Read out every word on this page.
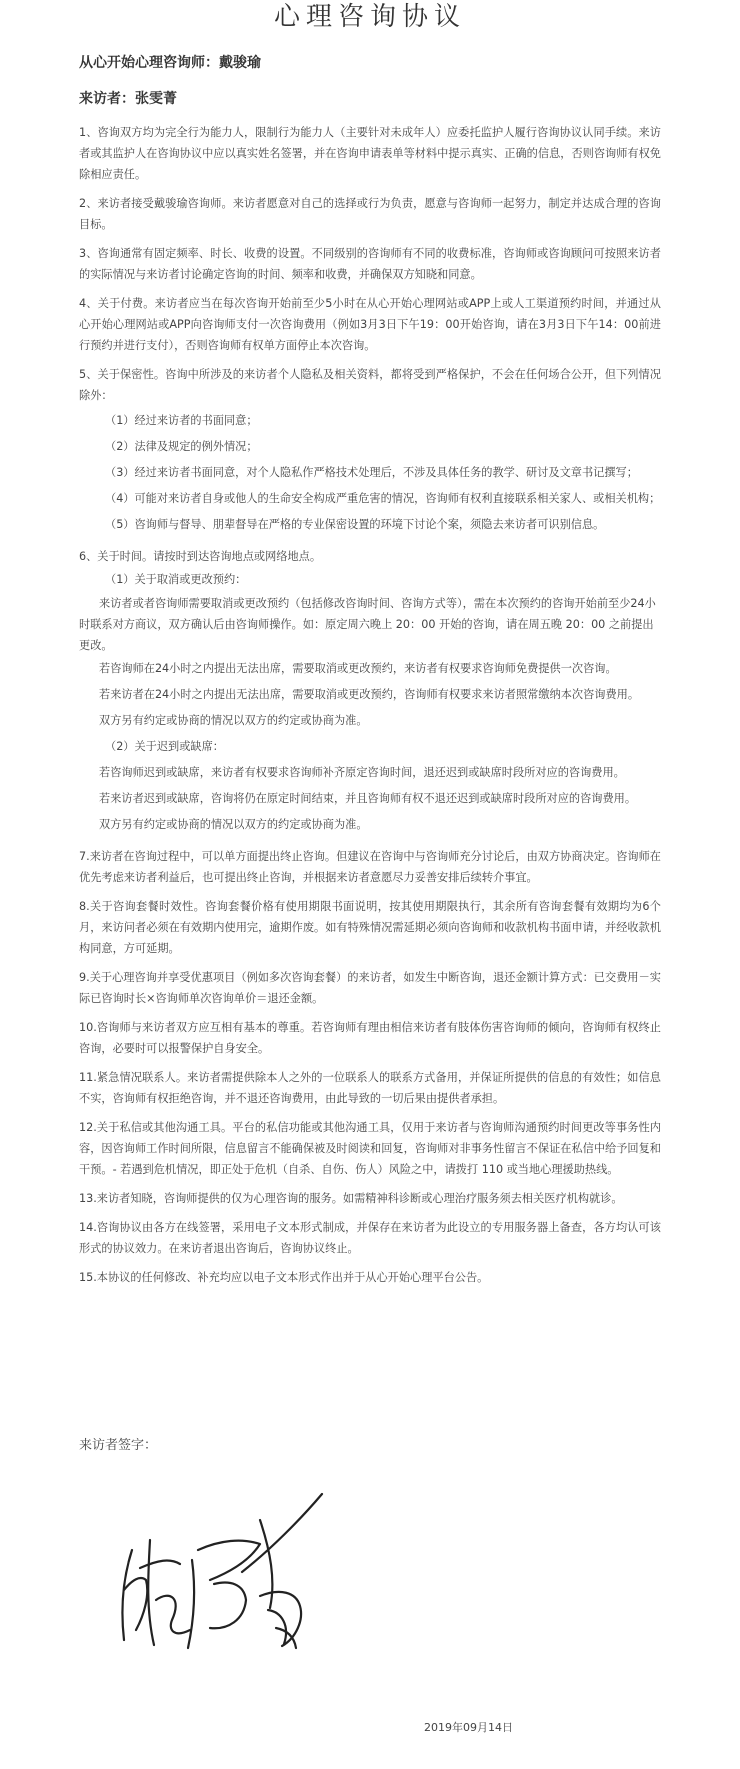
心理咨询协议
从心开始心理咨询师：戴骏瑜
来访者：张雯菁

1、咨询双方均为完全行为能力人，限制行为能力人（主要针对未成年人）应委托监护人履行咨询协议认同手续。来访者或其监护人在咨询协议中应以真实姓名签署，并在咨询申请表单等材料中提示真实、正确的信息，否则咨询师有权免除相应责任。

2、来访者接受戴骏瑜咨询师。来访者愿意对自己的选择或行为负责，愿意与咨询师一起努力，制定并达成合理的咨询目标。

3、咨询通常有固定频率、时长、收费的设置。不同级别的咨询师有不同的收费标准，咨询师或咨询顾问可按照来访者的实际情况与来访者讨论确定咨询的时间、频率和收费，并确保双方知晓和同意。

4、关于付费。来访者应当在每次咨询开始前至少5小时在从心开始心理网站或APP上或人工渠道预约时间，并通过从心开始心理网站或APP向咨询师支付一次咨询费用（例如3月3日下午19：00开始咨询，请在3月3日下午14：00前进行预约并进行支付），否则咨询师有权单方面停止本次咨询。

5、关于保密性。咨询中所涉及的来访者个人隐私及相关资料，都将受到严格保护，不会在任何场合公开，但下列情况除外：

（1）经过来访者的书面同意；

（2）法律及规定的例外情况；

（3）经过来访者书面同意，对个人隐私作严格技术处理后，不涉及具体任务的教学、研讨及文章书记撰写；

（4）可能对来访者自身或他人的生命安全构成严重危害的情况，咨询师有权利直接联系相关家人、或相关机构；

（5）咨询师与督导、朋辈督导在严格的专业保密设置的环境下讨论个案，须隐去来访者可识别信息。

6、关于时间。请按时到达咨询地点或网络地点。

（1）关于取消或更改预约：

来访者或者咨询师需要取消或更改预约（包括修改咨询时间、咨询方式等），需在本次预约的咨询开始前至少24小时联系对方商议，双方确认后由咨询师操作。如：原定周六晚上 20：00 开始的咨询，请在周五晚 20：00 之前提出更改。

若咨询师在24小时之内提出无法出席，需要取消或更改预约，来访者有权要求咨询师免费提供一次咨询。

若来访者在24小时之内提出无法出席，需要取消或更改预约，咨询师有权要求来访者照常缴纳本次咨询费用。

双方另有约定或协商的情况以双方的约定或协商为准。

（2）关于迟到或缺席：

若咨询师迟到或缺席，来访者有权要求咨询师补齐原定咨询时间，退还迟到或缺席时段所对应的咨询费用。

若来访者迟到或缺席，咨询将仍在原定时间结束，并且咨询师有权不退还迟到或缺席时段所对应的咨询费用。

双方另有约定或协商的情况以双方的约定或协商为准。

7.来访者在咨询过程中，可以单方面提出终止咨询。但建议在咨询中与咨询师充分讨论后，由双方协商决定。咨询师在优先考虑来访者利益后，也可提出终止咨询，并根据来访者意愿尽力妥善安排后续转介事宜。

8.关于咨询套餐时效性。咨询套餐价格有使用期限书面说明，按其使用期限执行，其余所有咨询套餐有效期均为6个月，来访问者必须在有效期内使用完，逾期作废。如有特殊情况需延期必须向咨询师和收款机构书面申请，并经收款机构同意，方可延期。

9.关于心理咨询并享受优惠项目（例如多次咨询套餐）的来访者，如发生中断咨询，退还金额计算方式：已交费用－实际已咨询时长×咨询师单次咨询单价＝退还金额。

10.咨询师与来访者双方应互相有基本的尊重。若咨询师有理由相信来访者有肢体伤害咨询师的倾向，咨询师有权终止咨询，必要时可以报警保护自身安全。

11.紧急情况联系人。来访者需提供除本人之外的一位联系人的联系方式备用，并保证所提供的信息的有效性；如信息不实，咨询师有权拒绝咨询，并不退还咨询费用，由此导致的一切后果由提供者承担。

12.关于私信或其他沟通工具。平台的私信功能或其他沟通工具，仅用于来访者与咨询师沟通预约时间更改等事务性内容，因咨询师工作时间所限，信息留言不能确保被及时阅读和回复，咨询师对非事务性留言不保证在私信中给予回复和干预。- 若遇到危机情况，即正处于危机（自杀、自伤、伤人）风险之中，请拨打 110 或当地心理援助热线。

13.来访者知晓，咨询师提供的仅为心理咨询的服务。如需精神科诊断或心理治疗服务须去相关医疗机构就诊。

14.咨询协议由各方在线签署，采用电子文本形式制成，并保存在来访者为此设立的专用服务器上备查，各方均认可该形式的协议效力。在来访者退出咨询后，咨询协议终止。

15.本协议的任何修改、补充均应以电子文本形式作出并于从心开始心理平台公告。

来访者签字：
2019年09月14日
